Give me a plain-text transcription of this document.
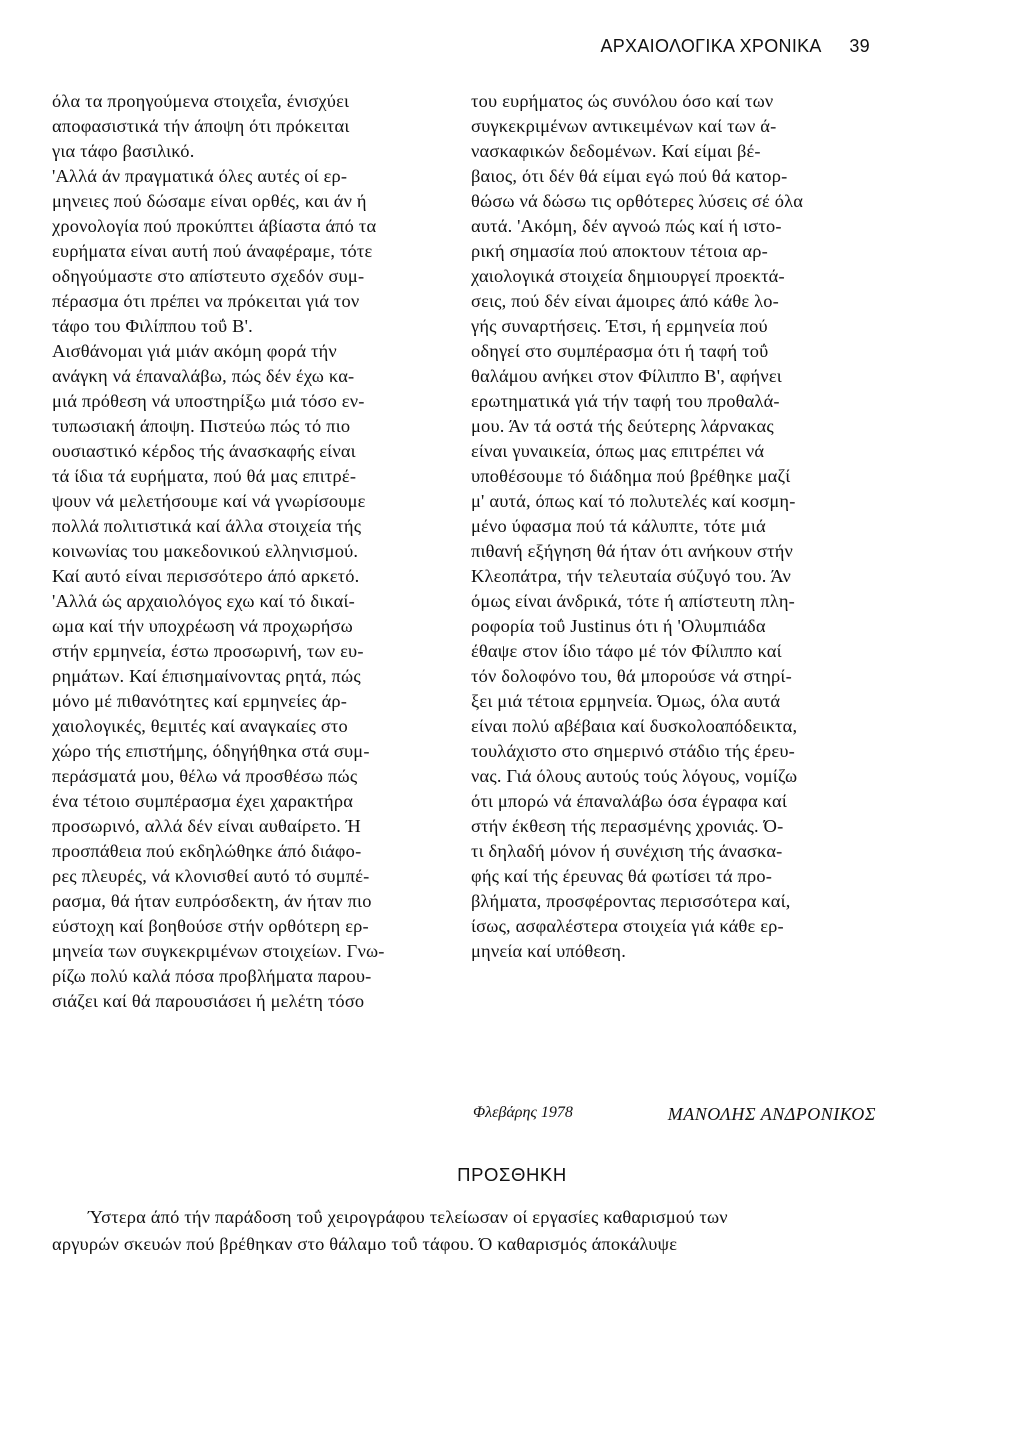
ΑΡΧΑΙΟΛΟΓΙΚΑ ΧΡΟΝΙΚΑ 39
όλα τα προηγούμενα στοιχεΐα, ένισχύει
αποφασιστικά τήν άποψη ότι πρόκειται
για τάφο βασιλικό.
'Αλλά άν πραγματικά όλες αυτές οί ερ-
μηνειες πού δώσαμε είναι ορθές, και άν ή
χρονολογία πού προκύπτει άβίαστα άπό τα
ευρήματα είναι αυτή πού άναφέραμε, τότε
οδηγούμαστε στο απίστευτο σχεδόν συμ-
πέρασμα ότι πρέπει να πρόκειται γιά τον
τάφο του Φιλίππου τοΰ Β'.
Αισθάνομαι γιά μιάν ακόμη φορά τήν
ανάγκη νά έπαναλάβω, πώς δέν έχω κα-
μιά πρόθεση νά υποστηρίξω μιά τόσο εν-
τυπωσιακή άποψη. Πιστεύω πώς τό πιο
ουσιαστικό κέρδος τής άνασκαφής είναι
τά ίδια τά ευρήματα, πού θά μας επιτρέ-
ψουν νά μελετήσουμε καί νά γνωρίσουμε
πολλά πολιτιστικά καί άλλα στοιχεία τής
κοινωνίας του μακεδονικού ελληνισμού.
Καί αυτό είναι περισσότερο άπό αρκετό.
'Αλλά ώς αρχαιολόγος εχω καί τό δικαί-
ωμα καί τήν υποχρέωση νά προχωρήσω
στήν ερμηνεία, έστω προσωρινή, των ευ-
ρημάτων. Καί έπισημαίνοντας ρητά, πώς
μόνο μέ πιθανότητες καί ερμηνείες άρ-
χαιολογικές, θεμιτές καί αναγκαίες στο
χώρο τής επιστήμης, όδηγήθηκα στά συμ-
περάσματά μου, θέλω νά προσθέσω πώς
ένα τέτοιο συμπέρασμα έχει χαρακτήρα
προσωρινό, αλλά δέν είναι αυθαίρετο. Ή
προσπάθεια πού εκδηλώθηκε άπό διάφο-
ρες πλευρές, νά κλονισθεί αυτό τό συμπέ-
ρασμα, θά ήταν ευπρόσδεκτη, άν ήταν πιο
εύστοχη καί βοηθούσε στήν ορθότερη ερ-
μηνεία των συγκεκριμένων στοιχείων. Γνω-
ρίζω πολύ καλά πόσα προβλήματα παρου-
σιάζει καί θά παρουσιάσει ή μελέτη τόσο
του ευρήματος ώς συνόλου όσο καί των
συγκεκριμένων αντικειμένων καί των ά-
νασκαφικών δεδομένων. Καί είμαι βέ-
βαιος, ότι δέν θά είμαι εγώ πού θά κατορ-
θώσω νά δώσω τις ορθότερες λύσεις σέ όλα
αυτά. 'Ακόμη, δέν αγνοώ πώς καί ή ιστο-
ρική σημασία πού αποκτουν τέτοια αρ-
χαιολογικά στοιχεία δημιουργεί προεκτά-
σεις, πού δέν είναι άμοιρες άπό κάθε λο-
γής συναρτήσεις. Έτσι, ή ερμηνεία πού
οδηγεί στο συμπέρασμα ότι ή ταφή τοΰ
θαλάμου ανήκει στον Φίλιππο Β', αφήνει
ερωτηματικά γιά τήν ταφή του προθαλά-
μου. Άν τά οστά τής δεύτερης λάρνακας
είναι γυναικεία, όπως μας επιτρέπει νά
υποθέσουμε τό διάδημα πού βρέθηκε μαζί
μ' αυτά, όπως καί τό πολυτελές καί κοσμη-
μένο ύφασμα πού τά κάλυπτε, τότε μιά
πιθανή εξήγηση θά ήταν ότι ανήκουν στήν
Κλεοπάτρα, τήν τελευταία σύζυγό του. Άν
όμως είναι άνδρικά, τότε ή απίστευτη πλη-
ροφορία τοΰ Justinus ότι ή 'Ολυμπιάδα
έθαψε στον ίδιο τάφο μέ τόν Φίλιππο καί
τόν δολοφόνο του, θά μπορούσε νά στηρί-
ξει μιά τέτοια ερμηνεία. Όμως, όλα αυτά
είναι πολύ αβέβαια καί δυσκολοαπόδεικτα,
τουλάχιστο στο σημερινό στάδιο τής έρευ-
νας. Γιά όλους αυτούς τούς λόγους, νομίζω
ότι μπορώ νά έπαναλάβω όσα έγραφα καί
στήν έκθεση τής περασμένης χρονιάς. Ό-
τι δηλαδή μόνον ή συνέχιση τής άνασκα-
φής καί τής έρευνας θά φωτίσει τά προ-
βλήματα, προσφέροντας περισσότερα καί,
ίσως, ασφαλέστερα στοιχεία γιά κάθε ερ-
μηνεία καί υπόθεση.
Φλεβάρης 1978	ΜΑΝΟΛΗΣ ΑΝΔΡΟΝΙΚΟΣ
ΠΡΟΣΘΗΚΗ
Ύστερα άπό τήν παράδοση τοΰ χειρογράφου τελείωσαν οί εργασίες καθαρισμού των
αργυρών σκευών πού βρέθηκαν στο θάλαμο τοΰ τάφου. Ό καθαρισμός άποκάλυψε
